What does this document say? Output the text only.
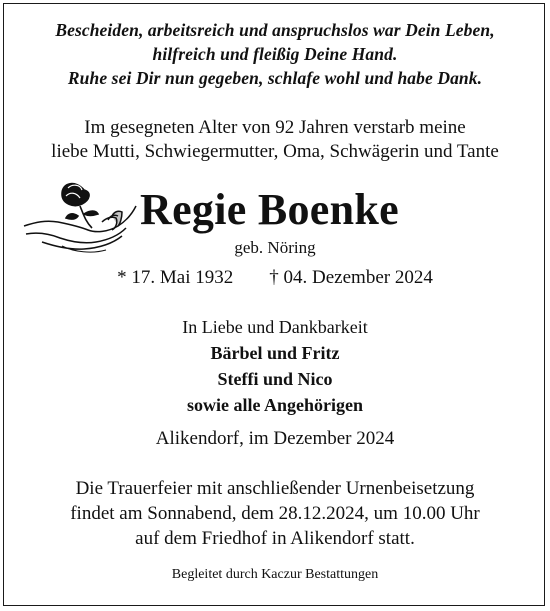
Bescheiden, arbeitsreich und anspruchslos war Dein Leben,
hilfreich und fleißig Deine Hand.
Ruhe sei Dir nun gegeben, schlafe wohl und habe Dank.
Im gesegneten Alter von 92 Jahren verstarb meine
liebe Mutti, Schwiegermutter, Oma, Schwägerin und Tante
Regie Boenke
geb. Nöring
* 17. Mai 1932 † 04. Dezember 2024
In Liebe und Dankbarkeit
Bärbel und Fritz
Steffi und Nico
sowie alle Angehörigen
Alikendorf, im Dezember 2024
Die Trauerfeier mit anschließender Urnenbeisetzung
findet am Sonnabend, dem 28.12.2024, um 10.00 Uhr
auf dem Friedhof in Alikendorf statt.
Begleitet durch Kaczur Bestattungen
